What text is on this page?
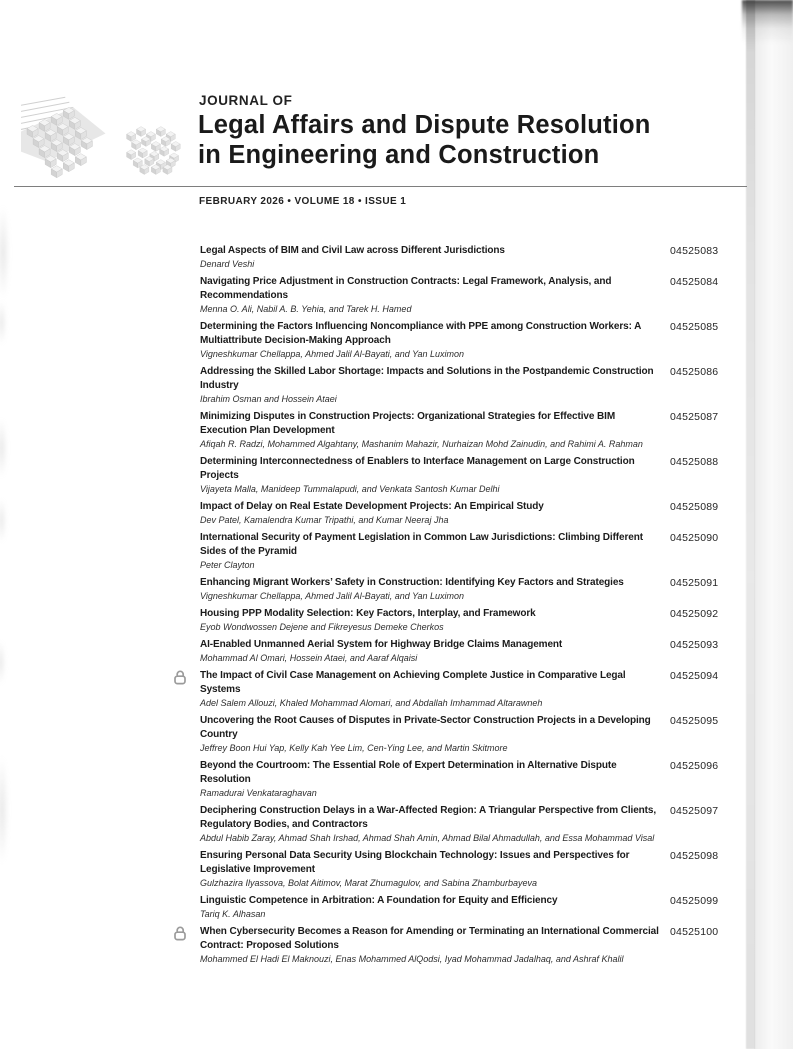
JOURNAL OF
Legal Affairs and Dispute Resolution
in Engineering and Construction
FEBRUARY 2026 • VOLUME 18 • ISSUE 1
Legal Aspects of BIM and Civil Law across Different Jurisdictions
Denard Veshi
04525083
Navigating Price Adjustment in Construction Contracts: Legal Framework, Analysis, and Recommendations
Menna O. Ali, Nabil A. B. Yehia, and Tarek H. Hamed
04525084
Determining the Factors Influencing Noncompliance with PPE among Construction Workers: A Multiattribute Decision-Making Approach
Vigneshkumar Chellappa, Ahmed Jalil Al-Bayati, and Yan Luximon
04525085
Addressing the Skilled Labor Shortage: Impacts and Solutions in the Postpandemic Construction Industry
Ibrahim Osman and Hossein Ataei
04525086
Minimizing Disputes in Construction Projects: Organizational Strategies for Effective BIM Execution Plan Development
Afiqah R. Radzi, Mohammed Algahtany, Mashanim Mahazir, Nurhaizan Mohd Zainudin, and Rahimi A. Rahman
04525087
Determining Interconnectedness of Enablers to Interface Management on Large Construction Projects
Vijayeta Malla, Manideep Tummalapudi, and Venkata Santosh Kumar Delhi
04525088
Impact of Delay on Real Estate Development Projects: An Empirical Study
Dev Patel, Kamalendra Kumar Tripathi, and Kumar Neeraj Jha
04525089
International Security of Payment Legislation in Common Law Jurisdictions: Climbing Different Sides of the Pyramid
Peter Clayton
04525090
Enhancing Migrant Workers’ Safety in Construction: Identifying Key Factors and Strategies
Vigneshkumar Chellappa, Ahmed Jalil Al-Bayati, and Yan Luximon
04525091
Housing PPP Modality Selection: Key Factors, Interplay, and Framework
Eyob Wondwossen Dejene and Fikreyesus Demeke Cherkos
04525092
AI-Enabled Unmanned Aerial System for Highway Bridge Claims Management
Mohammad Al Omari, Hossein Ataei, and Aaraf Alqaisi
04525093
The Impact of Civil Case Management on Achieving Complete Justice in Comparative Legal Systems
Adel Salem Allouzi, Khaled Mohammad Alomari, and Abdallah Imhammad Altarawneh
04525094
Uncovering the Root Causes of Disputes in Private-Sector Construction Projects in a Developing Country
Jeffrey Boon Hui Yap, Kelly Kah Yee Lim, Cen-Ying Lee, and Martin Skitmore
04525095
Beyond the Courtroom: The Essential Role of Expert Determination in Alternative Dispute Resolution
Ramadurai Venkataraghavan
04525096
Deciphering Construction Delays in a War-Affected Region: A Triangular Perspective from Clients, Regulatory Bodies, and Contractors
Abdul Habib Zaray, Ahmad Shah Irshad, Ahmad Shah Amin, Ahmad Bilal Ahmadullah, and Essa Mohammad Visal
04525097
Ensuring Personal Data Security Using Blockchain Technology: Issues and Perspectives for Legislative Improvement
Gulzhazira Ilyassova, Bolat Aitimov, Marat Zhumagulov, and Sabina Zhamburbayeva
04525098
Linguistic Competence in Arbitration: A Foundation for Equity and Efficiency
Tariq K. Alhasan
04525099
When Cybersecurity Becomes a Reason for Amending or Terminating an International Commercial Contract: Proposed Solutions
Mohammed El Hadi El Maknouzi, Enas Mohammed AlQodsi, Iyad Mohammad Jadalhaq, and Ashraf Khalil
04525100
